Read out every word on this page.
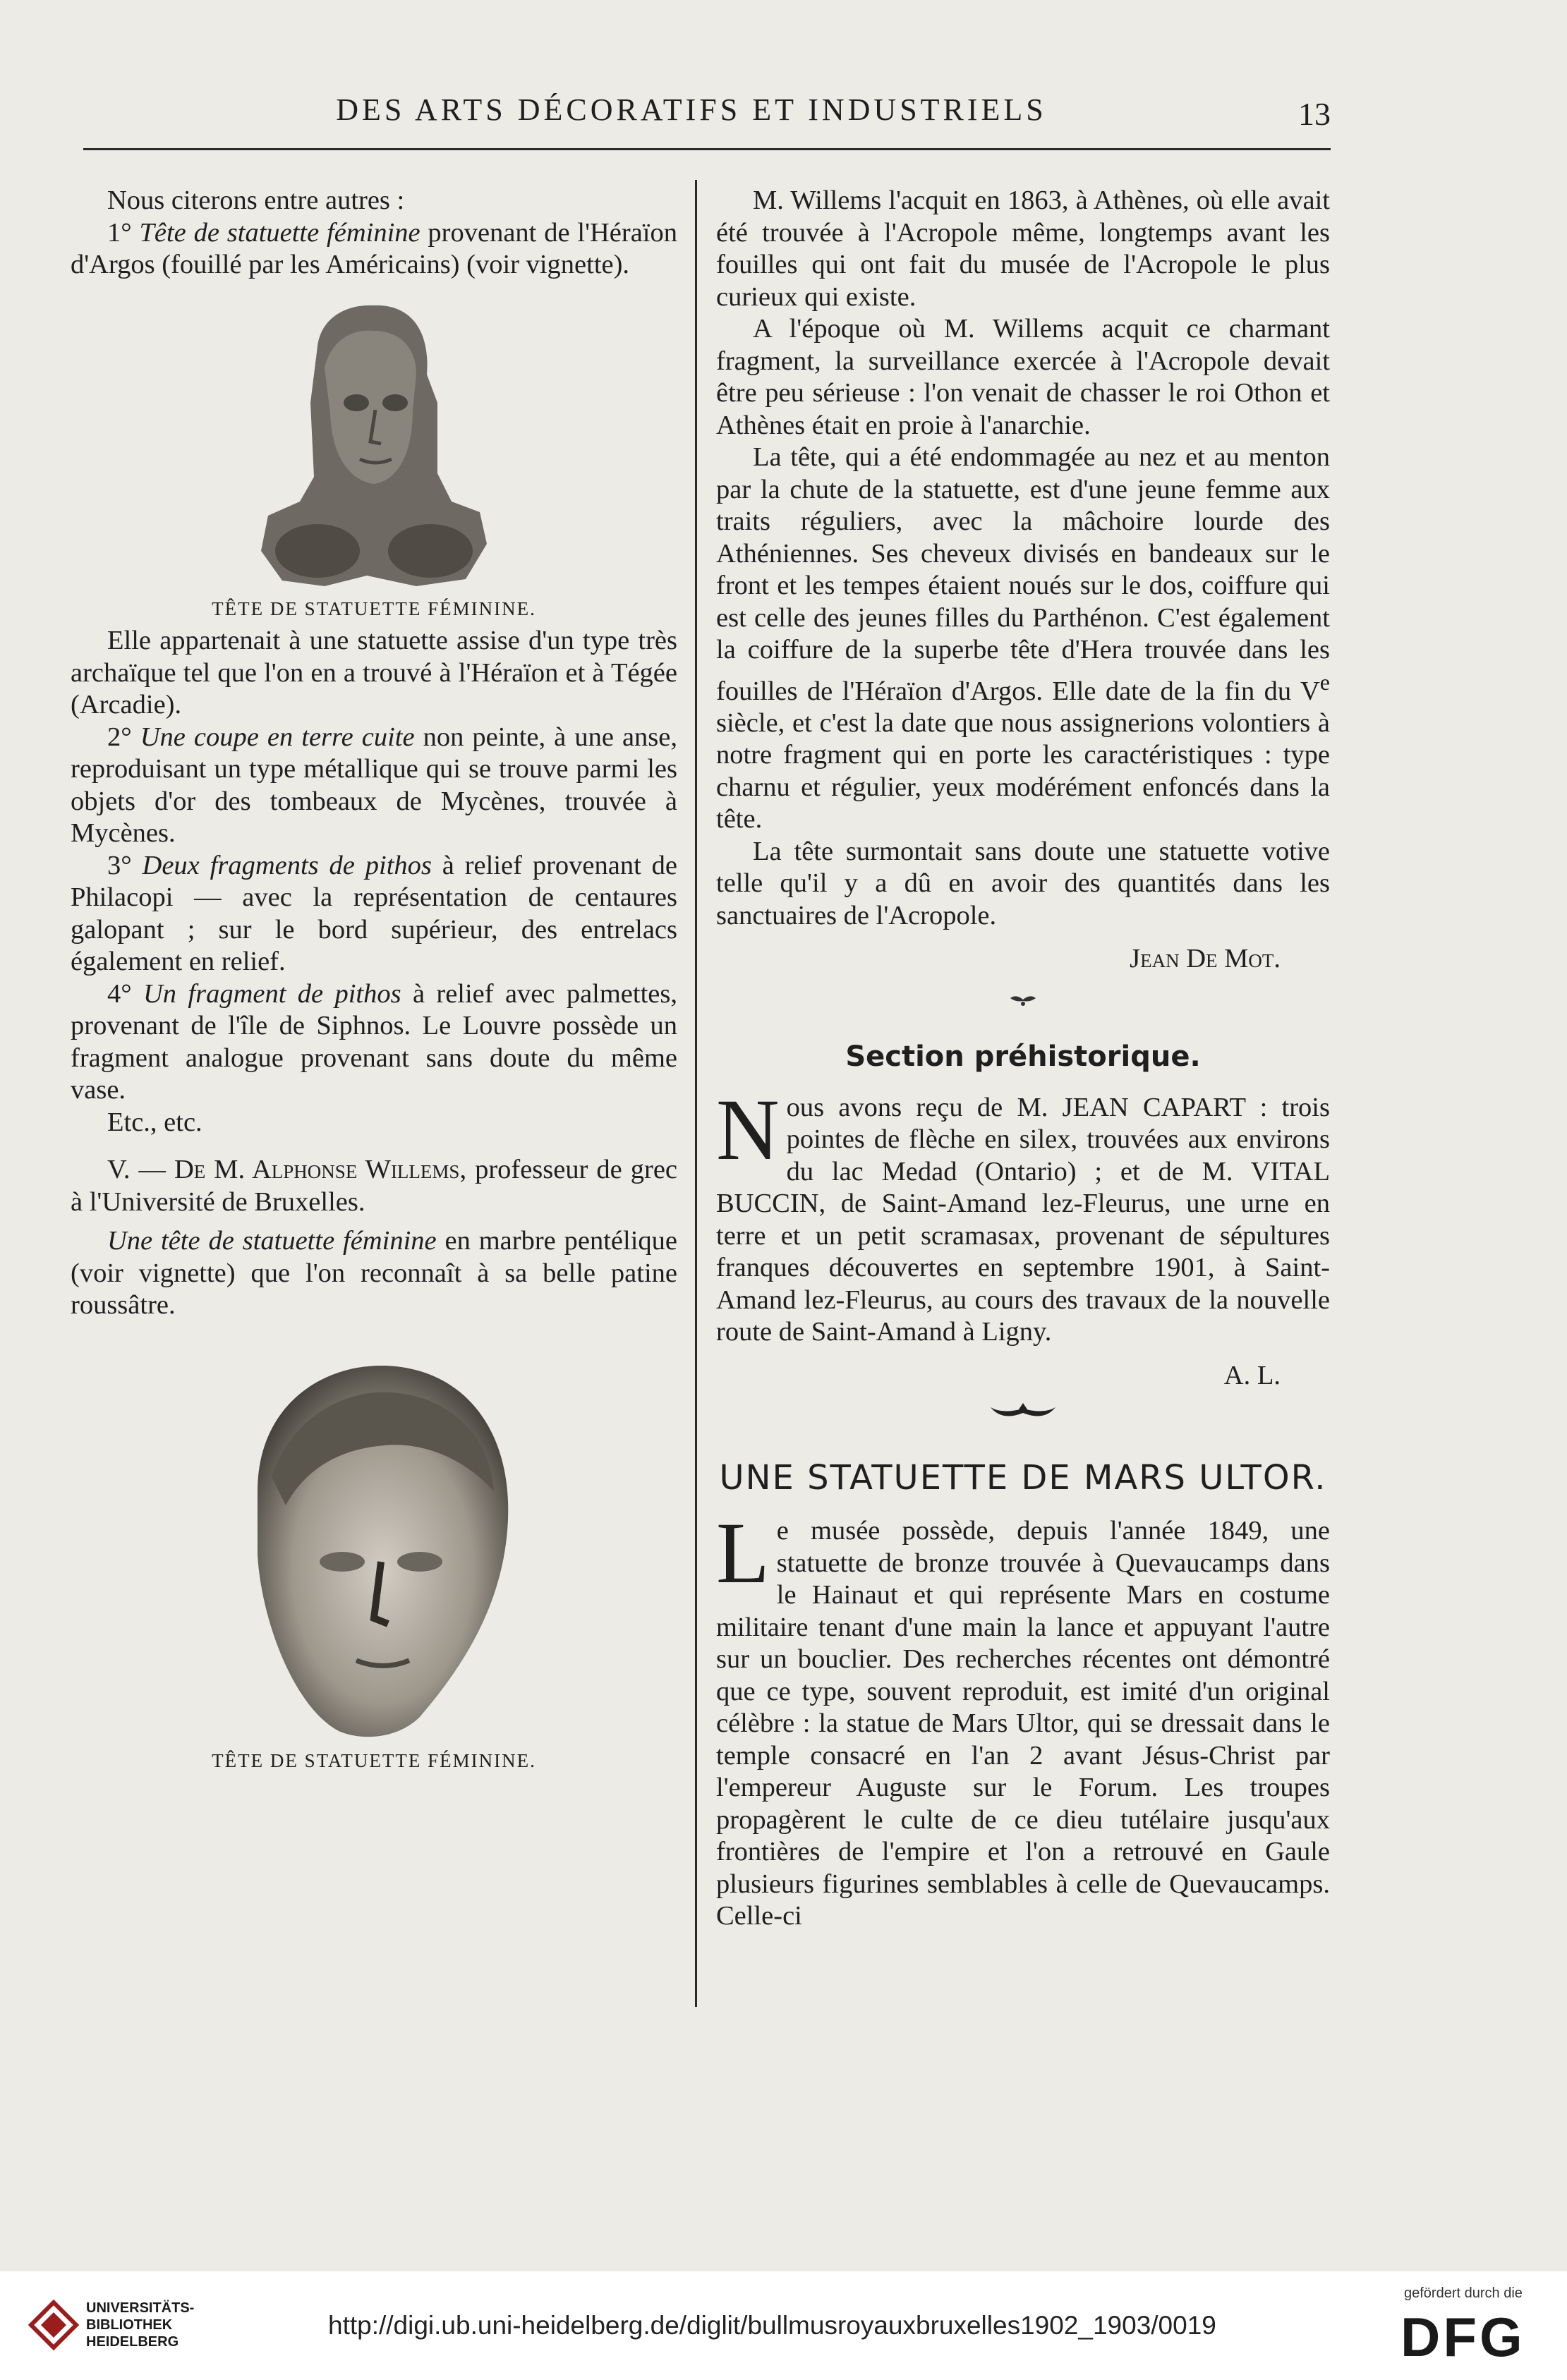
DES ARTS DÉCORATIFS ET INDUSTRIELS	13

Nous citerons entre autres :

1° Tête de statuette féminine provenant de l'Héraïon d'Argos (fouillé par les Américains) (voir vignette).

TÊTE DE STATUETTE FÉMININE.

Elle appartenait à une statuette assise d'un type très archaïque tel que l'on en a trouvé à l'Héraïon et à Tégée (Arcadie).

2° Une coupe en terre cuite non peinte, à une anse, reproduisant un type métallique qui se trouve parmi les objets d'or des tombeaux de Mycènes, trouvée à Mycènes.

3° Deux fragments de pithos à relief provenant de Philacopi — avec la représentation de centaures galopant ; sur le bord supérieur, des entrelacs également en relief.

4° Un fragment de pithos à relief avec palmettes, provenant de l'île de Siphnos. Le Louvre possède un fragment analogue provenant sans doute du même vase.

Etc., etc.

V. — De M. Alphonse Willems, professeur de grec à l'Université de Bruxelles.

Une tête de statuette féminine en marbre pentélique (voir vignette) que l'on reconnaît à sa belle patine roussâtre.

TÊTE DE STATUETTE FÉMININE.

M. Willems l'acquit en 1863, à Athènes, où elle avait été trouvée à l'Acropole même, longtemps avant les fouilles qui ont fait du musée de l'Acropole le plus curieux qui existe.

A l'époque où M. Willems acquit ce charmant fragment, la surveillance exercée à l'Acropole devait être peu sérieuse : l'on venait de chasser le roi Othon et Athènes était en proie à l'anarchie.

La tête, qui a été endommagée au nez et au menton par la chute de la statuette, est d'une jeune femme aux traits réguliers, avec la mâchoire lourde des Athéniennes. Ses cheveux divisés en bandeaux sur le front et les tempes étaient noués sur le dos, coiffure qui est celle des jeunes filles du Parthénon. C'est également la coiffure de la superbe tête d'Hera trouvée dans les fouilles de l'Héraïon d'Argos. Elle date de la fin du Ve siècle, et c'est la date que nous assignerions volontiers à notre fragment qui en porte les caractéristiques : type charnu et régulier, yeux modérément enfoncés dans la tête.

La tête surmontait sans doute une statuette votive telle qu'il y a dû en avoir des quantités dans les sanctuaires de l'Acropole.

Jean De Mot.

Section préhistorique.

Nous avons reçu de M. JEAN CAPART : trois pointes de flèche en silex, trouvées aux environs du lac Medad (Ontario) ; et de M. VITAL BUCCIN, de Saint-Amand lez-Fleurus, une urne en terre et un petit scramasax, provenant de sépultures franques découvertes en septembre 1901, à Saint-Amand lez-Fleurus, au cours des travaux de la nouvelle route de Saint-Amand à Ligny.

A. L.

UNE STATUETTE DE MARS ULTOR.

Le musée possède, depuis l'année 1849, une statuette de bronze trouvée à Quevaucamps dans le Hainaut et qui représente Mars en costume militaire tenant d'une main la lance et appuyant l'autre sur un bouclier. Des recherches récentes ont démontré que ce type, souvent reproduit, est imité d'un original célèbre : la statue de Mars Ultor, qui se dressait dans le temple consacré en l'an 2 avant Jésus-Christ par l'empereur Auguste sur le Forum. Les troupes propagèrent le culte de ce dieu tutélaire jusqu'aux frontières de l'empire et l'on a retrouvé en Gaule plusieurs figurines semblables à celle de Quevaucamps. Celle-ci

UNIVERSITÄTS-
BIBLIOTHEK
HEIDELBERG
http://digi.ub.uni-heidelberg.de/diglit/bullmusroyauxbruxelles1902_1903/0019
gefördert durch die
DFG
